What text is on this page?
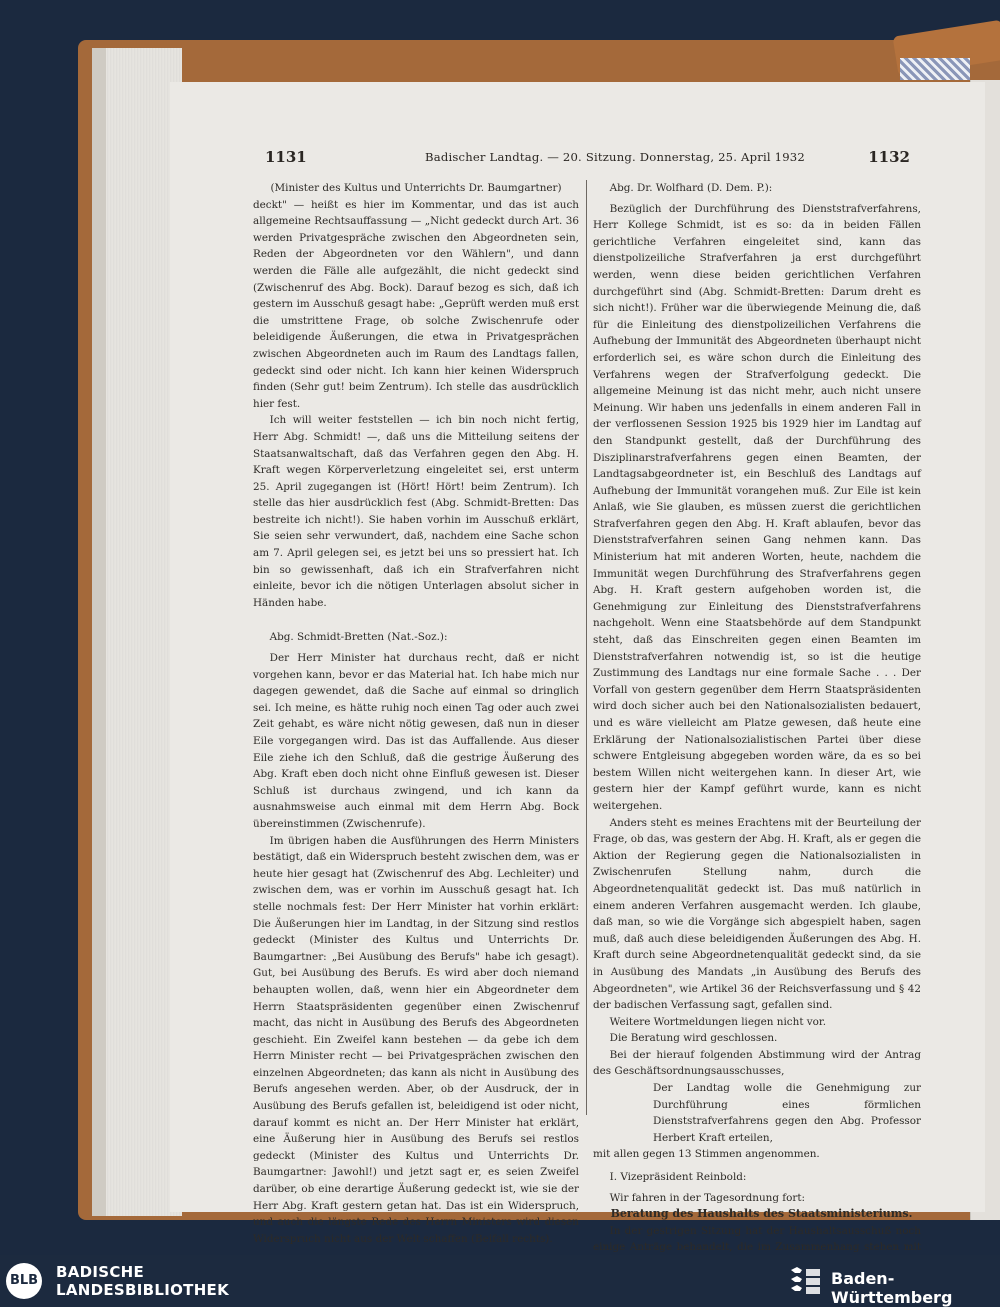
1131	Badischer Landtag. — 20. Sitzung. Donnerstag, 25. April 1932	1132

(Minister des Kultus und Unterrichts Dr. Baumgartner)

deckt" — heißt es hier im Kommentar, und das ist auch allgemeine Rechtsauffassung — „Nicht gedeckt durch Art. 36 werden Privatgespräche zwischen den Abgeordneten sein, Reden der Abgeordneten vor den Wählern", und dann werden die Fälle alle aufgezählt, die nicht gedeckt sind (Zwischenruf des Abg. Bock). Darauf bezog es sich, daß ich gestern im Ausschuß gesagt habe: „Geprüft werden muß erst die umstrittene Frage, ob solche Zwischenrufe oder beleidigende Äußerungen, die etwa in Privatgesprächen zwischen Abgeordneten auch im Raum des Landtags fallen, gedeckt sind oder nicht. Ich kann hier keinen Widerspruch finden (Sehr gut! beim Zentrum). Ich stelle das ausdrücklich hier fest.

Ich will weiter feststellen — ich bin noch nicht fertig, Herr Abg. Schmidt! —, daß uns die Mitteilung seitens der Staatsanwaltschaft, daß das Verfahren gegen den Abg. H. Kraft wegen Körperverletzung eingeleitet sei, erst unterm 25. April zugegangen ist (Hört! Hört! beim Zentrum). Ich stelle das hier ausdrücklich fest (Abg. Schmidt-Bretten: Das bestreite ich nicht!). Sie haben vorhin im Ausschuß erklärt, Sie seien sehr verwundert, daß, nachdem eine Sache schon am 7. April gelegen sei, es jetzt bei uns so pressiert hat. Ich bin so gewissenhaft, daß ich ein Strafverfahren nicht einleite, bevor ich die nötigen Unterlagen absolut sicher in Händen habe.

Abg. Schmidt-Bretten (Nat.-Soz.):

Der Herr Minister hat durchaus recht, daß er nicht vorgehen kann, bevor er das Material hat. Ich habe mich nur dagegen gewendet, daß die Sache auf einmal so dringlich sei. Ich meine, es hätte ruhig noch einen Tag oder auch zwei Zeit gehabt, es wäre nicht nötig gewesen, daß nun in dieser Eile vorgegangen wird. Das ist das Auffallende. Aus dieser Eile ziehe ich den Schluß, daß die gestrige Äußerung des Abg. Kraft eben doch nicht ohne Einfluß gewesen ist. Dieser Schluß ist durchaus zwingend, und ich kann da ausnahmsweise auch einmal mit dem Herrn Abg. Bock übereinstimmen (Zwischenrufe).

Im übrigen haben die Ausführungen des Herrn Ministers bestätigt, daß ein Widerspruch besteht zwischen dem, was er heute hier gesagt hat (Zwischenruf des Abg. Lechleiter) und zwischen dem, was er vorhin im Ausschuß gesagt hat. Ich stelle nochmals fest: Der Herr Minister hat vorhin erklärt: Die Äußerungen hier im Landtag, in der Sitzung sind restlos gedeckt (Minister des Kultus und Unterrichts Dr. Baumgartner: „Bei Ausübung des Berufs" habe ich gesagt). Gut, bei Ausübung des Berufs. Es wird aber doch niemand behaupten wollen, daß, wenn hier ein Abgeordneter dem Herrn Staatspräsidenten gegenüber einen Zwischenruf macht, das nicht in Ausübung des Berufs des Abgeordneten geschieht. Ein Zweifel kann bestehen — da gebe ich dem Herrn Minister recht — bei Privatgesprächen zwischen den einzelnen Abgeordneten; das kann als nicht in Ausübung des Berufs angesehen werden. Aber, ob der Ausdruck, der in Ausübung des Berufs gefallen ist, beleidigend ist oder nicht, darauf kommt es nicht an. Der Herr Minister hat erklärt, eine Äußerung hier in Ausübung des Berufs sei restlos gedeckt (Minister des Kultus und Unterrichts Dr. Baumgartner: Jawohl!) und jetzt sagt er, es seien Zweifel darüber, ob eine derartige Äußerung gedeckt ist, wie sie der Herr Abg. Kraft gestern getan hat. Das ist ein Widerspruch, und auch die längste Rede des Herrn Ministers wird diesen Widerspruch nicht aus der Welt schaffen (Beifall rechts).

Abg. Dr. Wolfhard (D. Dem. P.):

Bezüglich der Durchführung des Dienststrafverfahrens, Herr Kollege Schmidt, ist es so: da in beiden Fällen gerichtliche Verfahren eingeleitet sind, kann das dienstpolizeiliche Strafverfahren ja erst durchgeführt werden, wenn diese beiden gerichtlichen Verfahren durchgeführt sind (Abg. Schmidt-Bretten: Darum dreht es sich nicht!). Früher war die überwiegende Meinung die, daß für die Einleitung des dienstpolizeilichen Verfahrens die Aufhebung der Immunität des Abgeordneten überhaupt nicht erforderlich sei, es wäre schon durch die Einleitung des Verfahrens wegen der Strafverfolgung gedeckt. Die allgemeine Meinung ist das nicht mehr, auch nicht unsere Meinung. Wir haben uns jedenfalls in einem anderen Fall in der verflossenen Session 1925 bis 1929 hier im Landtag auf den Standpunkt gestellt, daß der Durchführung des Disziplinarstrafverfahrens gegen einen Beamten, der Landtagsabgeordneter ist, ein Beschluß des Landtags auf Aufhebung der Immunität vorangehen muß. Zur Eile ist kein Anlaß, wie Sie glauben, es müssen zuerst die gerichtlichen Strafverfahren gegen den Abg. H. Kraft ablaufen, bevor das Dienststrafverfahren seinen Gang nehmen kann. Das Ministerium hat mit anderen Worten, heute, nachdem die Immunität wegen Durchführung des Strafverfahrens gegen Abg. H. Kraft gestern aufgehoben worden ist, die Genehmigung zur Einleitung des Dienststrafverfahrens nachgeholt. Wenn eine Staatsbehörde auf dem Standpunkt steht, daß das Einschreiten gegen einen Beamten im Dienststrafverfahren notwendig ist, so ist die heutige Zustimmung des Landtags nur eine formale Sache . . . Der Vorfall von gestern gegenüber dem Herrn Staatspräsidenten wird doch sicher auch bei den Nationalsozialisten bedauert, und es wäre vielleicht am Platze gewesen, daß heute eine Erklärung der Nationalsozialistischen Partei über diese schwere Entgleisung abgegeben worden wäre, da es so bei bestem Willen nicht weitergehen kann. In dieser Art, wie gestern hier der Kampf geführt wurde, kann es nicht weitergehen.

Anders steht es meines Erachtens mit der Beurteilung der Frage, ob das, was gestern der Abg. H. Kraft, als er gegen die Aktion der Regierung gegen die Nationalsozialisten in Zwischenrufen Stellung nahm, durch die Abgeordnetenqualität gedeckt ist. Das muß natürlich in einem anderen Verfahren ausgemacht werden. Ich glaube, daß man, so wie die Vorgänge sich abgespielt haben, sagen muß, daß auch diese beleidigenden Äußerungen des Abg. H. Kraft durch seine Abgeordnetenqualität gedeckt sind, da sie in Ausübung des Mandats „in Ausübung des Berufs des Abgeordneten", wie Artikel 36 der Reichsverfassung und § 42 der badischen Verfassung sagt, gefallen sind.

Weitere Wortmeldungen liegen nicht vor.

Die Beratung wird geschlossen.

Bei der hierauf folgenden Abstimmung wird der Antrag des Geschäftsordnungsausschusses,

Der Landtag wolle die Genehmigung zur Durchführung eines förmlichen Dienststrafverfahrens gegen den Abg. Professor Herbert Kraft erteilen,

mit allen gegen 13 Stimmen angenommen.

I. Vizepräsident Reinbold:

Wir fahren in der Tagesordnung fort:

Beratung des Haushalts des Staatsministeriums.

In der gestrigen Sitzung hat der Haushaltsausschuß noch einige Anträge behandelt, die im Zusammenhang stehen mit

BLB BADISCHE
LANDESBIBLIOTHEK
Baden-Württemberg
